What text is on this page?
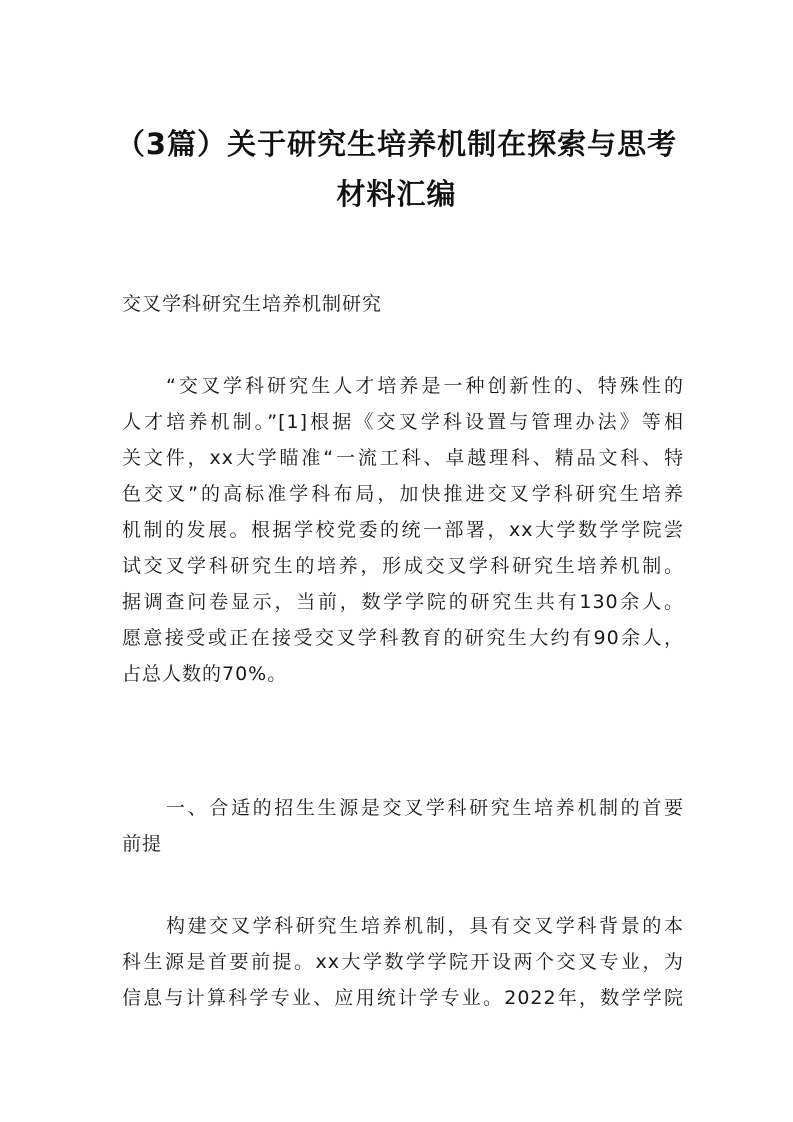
（3篇）关于研究生培养机制在探索与思考
材料汇编
交叉学科研究生培养机制研究
“交叉学科研究生人才培养是一种创新性的、特殊性的
人才培养机制。”[1]根据《交叉学科设置与管理办法》等相
关文件，xx大学瞄准“一流工科、卓越理科、精品文科、特
色交叉”的高标准学科布局，加快推进交叉学科研究生培养
机制的发展。根据学校党委的统一部署，xx大学数学学院尝
试交叉学科研究生的培养，形成交叉学科研究生培养机制。
据调查问卷显示，当前，数学学院的研究生共有130余人。
愿意接受或正在接受交叉学科教育的研究生大约有90余人，
占总人数的70%。
一、合适的招生生源是交叉学科研究生培养机制的首要
前提
构建交叉学科研究生培养机制，具有交叉学科背景的本
科生源是首要前提。xx大学数学学院开设两个交叉专业，为
信息与计算科学专业、应用统计学专业。2022年，数学学院
